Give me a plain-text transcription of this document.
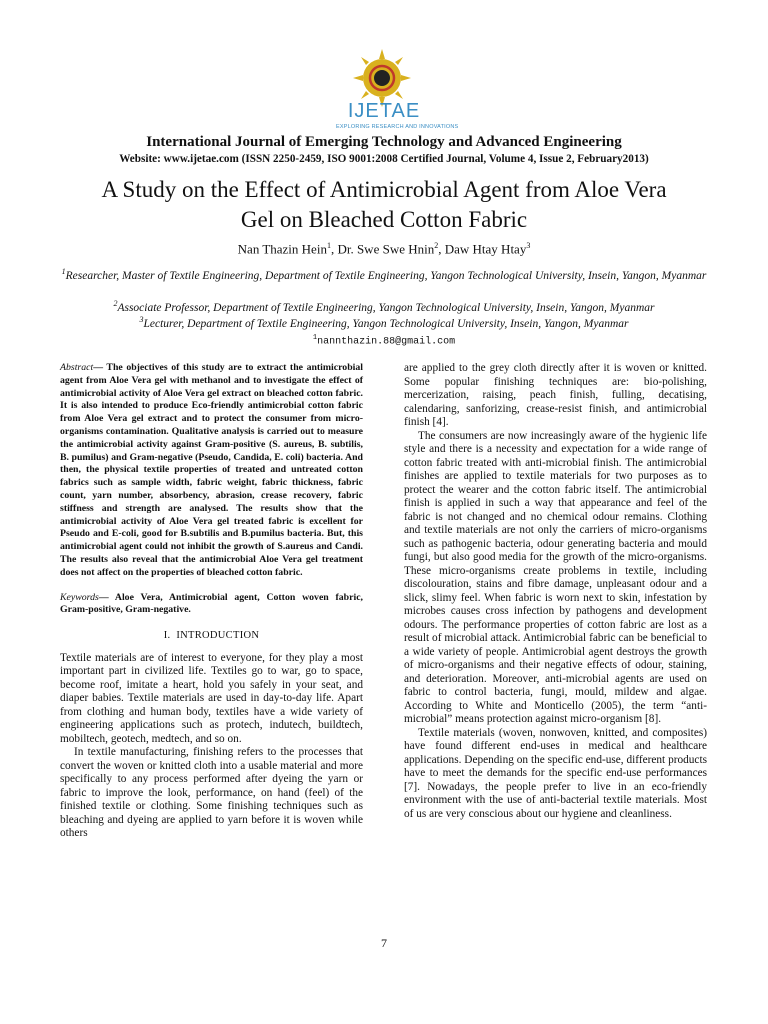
IJETAE
EXPLORING RESEARCH AND INNOVATIONS
International Journal of Emerging Technology and Advanced Engineering
Website: www.ijetae.com (ISSN 2250-2459, ISO 9001:2008 Certified Journal, Volume 4, Issue 2, February2013)
A Study on the Effect of Antimicrobial Agent from Aloe Vera
Gel on Bleached Cotton Fabric
Nan Thazin Hein$^1$, Dr. Swe Swe Hnin$^2$, Daw Htay Htay$^3$
$^1$Researcher, Master of Textile Engineering, Department of Textile Engineering, Yangon Technological University, Insein, Yangon, Myanmar
$^2$Associate Professor, Department of Textile Engineering, Yangon Technological University, Insein, Yangon, Myanmar
$^3$Lecturer, Department of Textile Engineering, Yangon Technological University, Insein, Yangon, Myanmar
$^1$nannthazin.88@gmail.com

Abstract— The objectives of this study are to extract the antimicrobial agent from Aloe Vera gel with methanol and to investigate the effect of antimicrobial activity of Aloe Vera gel extract on bleached cotton fabric. It is also intended to produce Eco-friendly antimicrobial cotton fabric from Aloe Vera gel extract and to protect the consumer from micro-organisms contamination. Qualitative analysis is carried out to measure the antimicrobial activity against Gram-positive (S. aureus, B. subtilis, B. pumilus) and Gram-negative (Pseudo, Candida, E. coli) bacteria. And then, the physical textile properties of treated and untreated cotton fabrics such as sample width, fabric weight, fabric thickness, fabric count, yarn number, absorbency, abrasion, crease recovery, fabric stiffness and strength are analysed. The results show that the antimicrobial activity of Aloe Vera gel treated fabric is excellent for Pseudo and E-coli, good for B.subtilis and B.pumilus bacteria. But, this antimicrobial agent could not inhibit the growth of S.aureus and Candi. The results also reveal that the antimicrobial Aloe Vera gel treatment does not affect on the properties of bleached cotton fabric.

Keywords— Aloe Vera, Antimicrobial agent, Cotton woven fabric, Gram-positive, Gram-negative.

I. INTRODUCTION

Textile materials are of interest to everyone, for they play a most important part in civilized life. Textiles go to war, go to space, become roof, imitate a heart, hold you safely in your seat, and diaper babies. Textile materials are used in day-to-day life. Apart from clothing and human body, textiles have a wide variety of engineering applications such as protech, indutech, buildtech, mobiltech, geotech, medtech, and so on.

In textile manufacturing, finishing refers to the processes that convert the woven or knitted cloth into a usable material and more specifically to any process performed after dyeing the yarn or fabric to improve the look, performance, on hand (feel) of the finished textile or clothing. Some finishing techniques such as bleaching and dyeing are applied to yarn before it is woven while others

are applied to the grey cloth directly after it is woven or knitted. Some popular finishing techniques are: bio-polishing, mercerization, raising, peach finish, fulling, decatising, calendaring, sanforizing, crease-resist finish, and antimicrobial finish [4].

The consumers are now increasingly aware of the hygienic life style and there is a necessity and expectation for a wide range of cotton fabric treated with anti-microbial finish. The antimicrobial finishes are applied to textile materials for two purposes as to protect the wearer and the cotton fabric itself. The antimicrobial finish is applied in such a way that appearance and feel of the fabric is not changed and no chemical odour remains. Clothing and textile materials are not only the carriers of micro-organisms such as pathogenic bacteria, odour generating bacteria and mould fungi, but also good media for the growth of the micro-organisms. These micro-organisms create problems in textile, including discolouration, stains and fibre damage, unpleasant odour and a slick, slimy feel. When fabric is worn next to skin, infestation by microbes causes cross infection by pathogens and development odours. The performance properties of cotton fabric are lost as a result of microbial attack. Antimicrobial fabric can be beneficial to a wide variety of people. Antimicrobial agent destroys the growth of micro-organisms and their negative effects of odour, staining, and deterioration. Moreover, anti-microbial agents are used on fabric to control bacteria, fungi, mould, mildew and algae. According to White and Monticello (2005), the term “anti-microbial” means protection against micro-organism [8].

Textile materials (woven, nonwoven, knitted, and composites) have found different end-uses in medical and healthcare applications. Depending on the specific end-use, different products have to meet the demands for the specific end-use performances [7]. Nowadays, the people prefer to live in an eco-friendly environment with the use of anti-bacterial textile materials. Most of us are very conscious about our hygiene and cleanliness.

7
